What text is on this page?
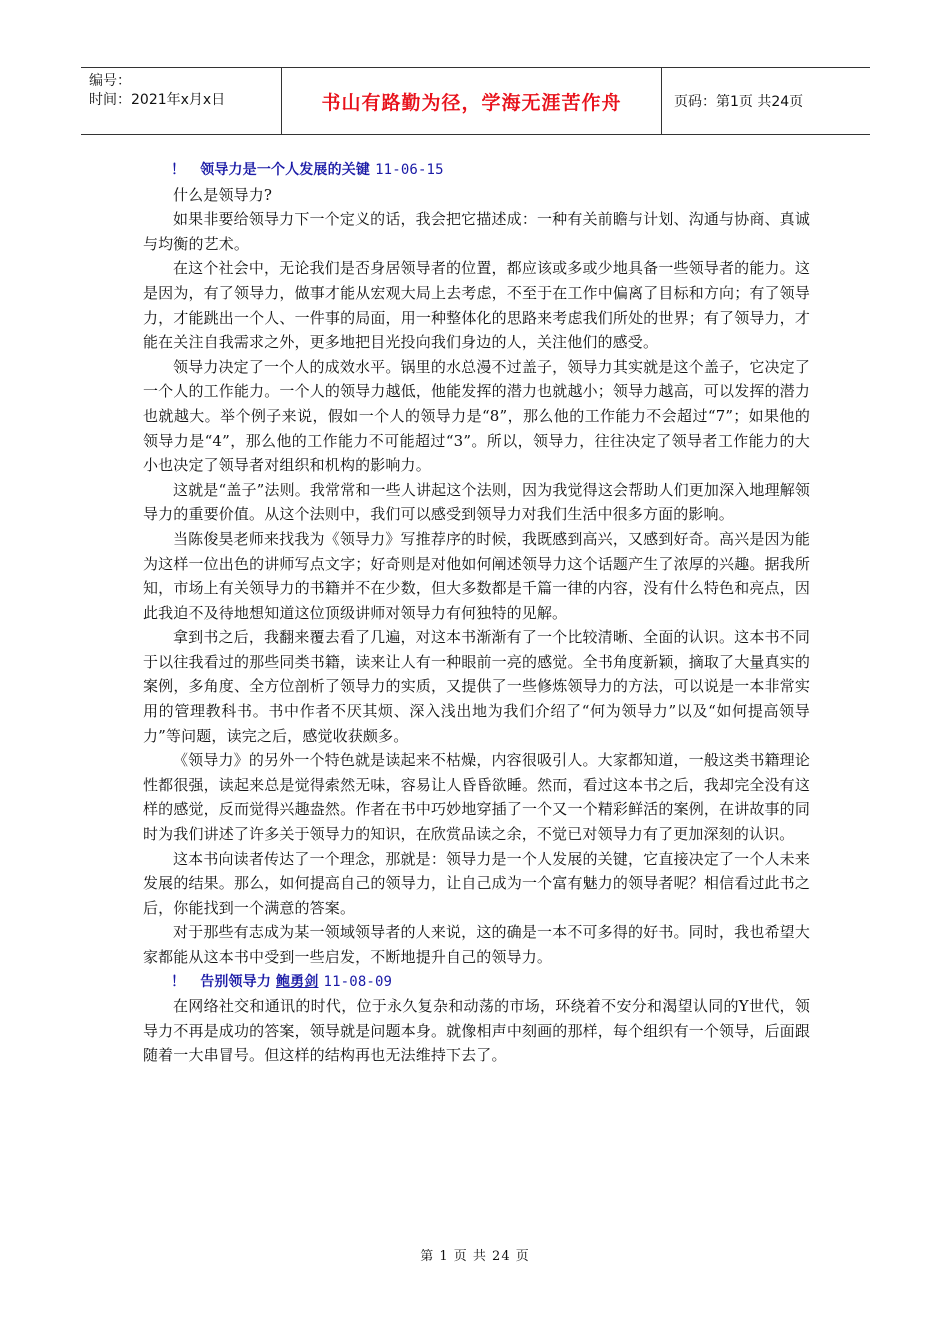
编号：
时间：2021年x月x日	书山有路勤为径，学海无涯苦作舟	页码：第1页 共24页
！ 领导力是一个人发展的关键 11-06-15

什么是领导力?

如果非要给领导力下一个定义的话，我会把它描述成：一种有关前瞻与计划、沟通与协商、真诚与均衡的艺术。

在这个社会中，无论我们是否身居领导者的位置，都应该或多或少地具备一些领导者的能力。这是因为，有了领导力，做事才能从宏观大局上去考虑，不至于在工作中偏离了目标和方向；有了领导力，才能跳出一个人、一件事的局面，用一种整体化的思路来考虑我们所处的世界；有了领导力，才能在关注自我需求之外，更多地把目光投向我们身边的人，关注他们的感受。

领导力决定了一个人的成效水平。锅里的水总漫不过盖子，领导力其实就是这个盖子，它决定了一个人的工作能力。一个人的领导力越低，他能发挥的潜力也就越小；领导力越高，可以发挥的潜力也就越大。举个例子来说，假如一个人的领导力是“8”，那么他的工作能力不会超过“7”；如果他的领导力是“4”，那么他的工作能力不可能超过“3”。所以，领导力，往往决定了领导者工作能力的大小也决定了领导者对组织和机构的影响力。

这就是“盖子”法则。我常常和一些人讲起这个法则，因为我觉得这会帮助人们更加深入地理解领导力的重要价值。从这个法则中，我们可以感受到领导力对我们生活中很多方面的影响。

当陈俊昊老师来找我为《领导力》写推荐序的时候，我既感到高兴，又感到好奇。高兴是因为能为这样一位出色的讲师写点文字；好奇则是对他如何阐述领导力这个话题产生了浓厚的兴趣。据我所知，市场上有关领导力的书籍并不在少数，但大多数都是千篇一律的内容，没有什么特色和亮点，因此我迫不及待地想知道这位顶级讲师对领导力有何独特的见解。

拿到书之后，我翻来覆去看了几遍，对这本书渐渐有了一个比较清晰、全面的认识。这本书不同于以往我看过的那些同类书籍，读来让人有一种眼前一亮的感觉。全书角度新颖，摘取了大量真实的案例，多角度、全方位剖析了领导力的实质，又提供了一些修炼领导力的方法，可以说是一本非常实用的管理教科书。书中作者不厌其烦、深入浅出地为我们介绍了“何为领导力”以及“如何提高领导力”等问题，读完之后，感觉收获颇多。

《领导力》的另外一个特色就是读起来不枯燥，内容很吸引人。大家都知道，一般这类书籍理论性都很强，读起来总是觉得索然无味，容易让人昏昏欲睡。然而，看过这本书之后，我却完全没有这样的感觉，反而觉得兴趣盎然。作者在书中巧妙地穿插了一个又一个精彩鲜活的案例，在讲故事的同时为我们讲述了许多关于领导力的知识，在欣赏品读之余，不觉已对领导力有了更加深刻的认识。

这本书向读者传达了一个理念，那就是：领导力是一个人发展的关键，它直接决定了一个人未来发展的结果。那么，如何提高自己的领导力，让自己成为一个富有魅力的领导者呢？相信看过此书之后，你能找到一个满意的答案。

对于那些有志成为某一领域领导者的人来说，这的确是一本不可多得的好书。同时，我也希望大家都能从这本书中受到一些启发，不断地提升自己的领导力。

！ 告别领导力 鲍勇剑 11-08-09

在网络社交和通讯的时代，位于永久复杂和动荡的市场，环绕着不安分和渴望认同的Y世代，领导力不再是成功的答案，领导就是问题本身。就像相声中刻画的那样，每个组织有一个领导，后面跟随着一大串冒号。但这样的结构再也无法维持下去了。

第 1 页 共 24 页
